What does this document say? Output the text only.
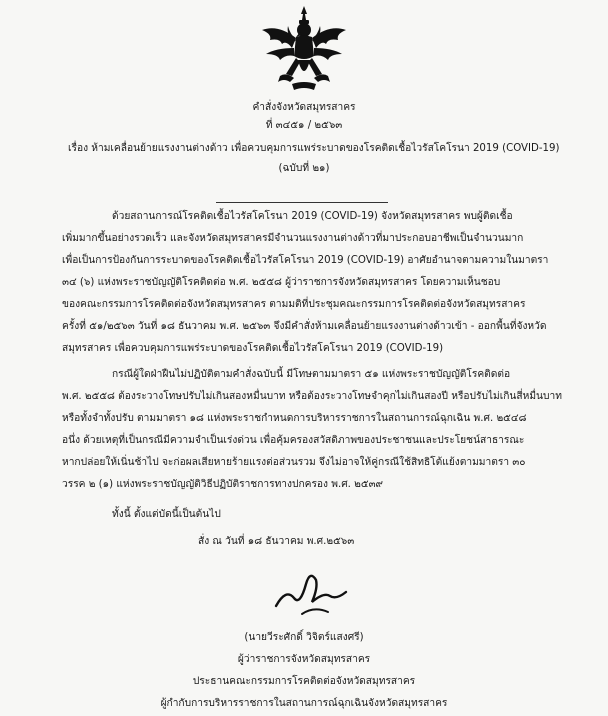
คำสั่งจังหวัดสมุทรสาคร
ที่ ๓๔๕๑ / ๒๕๖๓
เรื่อง ห้ามเคลื่อนย้ายแรงงานต่างด้าว เพื่อควบคุมการแพร่ระบาดของโรคติดเชื้อไวรัสโคโรนา 2019 (COVID-19)
(ฉบับที่ ๒๑)
ด้วยสถานการณ์โรคติดเชื้อไวรัสโคโรนา 2019 (COVID-19) จังหวัดสมุทรสาคร พบผู้ติดเชื้อ
เพิ่มมากขึ้นอย่างรวดเร็ว และจังหวัดสมุทรสาครมีจำนวนแรงงานต่างด้าวที่มาประกอบอาชีพเป็นจำนวนมาก
เพื่อเป็นการป้องกันการระบาดของโรคติดเชื้อไวรัสโคโรนา 2019 (COVID-19) อาศัยอำนาจตามความในมาตรา
๓๔ (๖) แห่งพระราชบัญญัติโรคติดต่อ พ.ศ. ๒๕๕๘ ผู้ว่าราชการจังหวัดสมุทรสาคร โดยความเห็นชอบ
ของคณะกรรมการโรคติดต่อจังหวัดสมุทรสาคร ตามมติที่ประชุมคณะกรรมการโรคติดต่อจังหวัดสมุทรสาคร
ครั้งที่ ๕๑/๒๕๖๓ วันที่ ๑๘ ธันวาคม พ.ศ. ๒๕๖๓ จึงมีคำสั่งห้ามเคลื่อนย้ายแรงงานต่างด้าวเข้า - ออกพื้นที่จังหวัด
สมุทรสาคร เพื่อควบคุมการแพร่ระบาดของโรคติดเชื้อไวรัสโคโรนา 2019 (COVID-19)
กรณีผู้ใดฝ่าฝืนไม่ปฏิบัติตามคำสั่งฉบับนี้ มีโทษตามมาตรา ๕๑ แห่งพระราชบัญญัติโรคติดต่อ
พ.ศ. ๒๕๕๘ ต้องระวางโทษปรับไม่เกินสองหมื่นบาท หรือต้องระวางโทษจำคุกไม่เกินสองปี หรือปรับไม่เกินสี่หมื่นบาท
หรือทั้งจำทั้งปรับ ตามมาตรา ๑๘ แห่งพระราชกำหนดการบริหารราชการในสถานการณ์ฉุกเฉิน พ.ศ. ๒๕๔๘
อนึ่ง ด้วยเหตุที่เป็นกรณีมีความจำเป็นเร่งด่วน เพื่อคุ้มครองสวัสดิภาพของประชาชนและประโยชน์สาธารณะ
หากปล่อยให้เนิ่นช้าไป จะก่อผลเสียหายร้ายแรงต่อส่วนรวม จึงไม่อาจให้คู่กรณีใช้สิทธิโต้แย้งตามมาตรา ๓๐
วรรค ๒ (๑) แห่งพระราชบัญญัติวิธีปฏิบัติราชการทางปกครอง พ.ศ. ๒๕๓๙
ทั้งนี้ ตั้งแต่บัดนี้เป็นต้นไป
สั่ง ณ วันที่ ๑๘ ธันวาคม พ.ศ.๒๕๖๓
(นายวีระศักดิ์ วิจิตร์แสงศรี)
ผู้ว่าราชการจังหวัดสมุทรสาคร
ประธานคณะกรรมการโรคติดต่อจังหวัดสมุทรสาคร
ผู้กำกับการบริหารราชการในสถานการณ์ฉุกเฉินจังหวัดสมุทรสาคร
